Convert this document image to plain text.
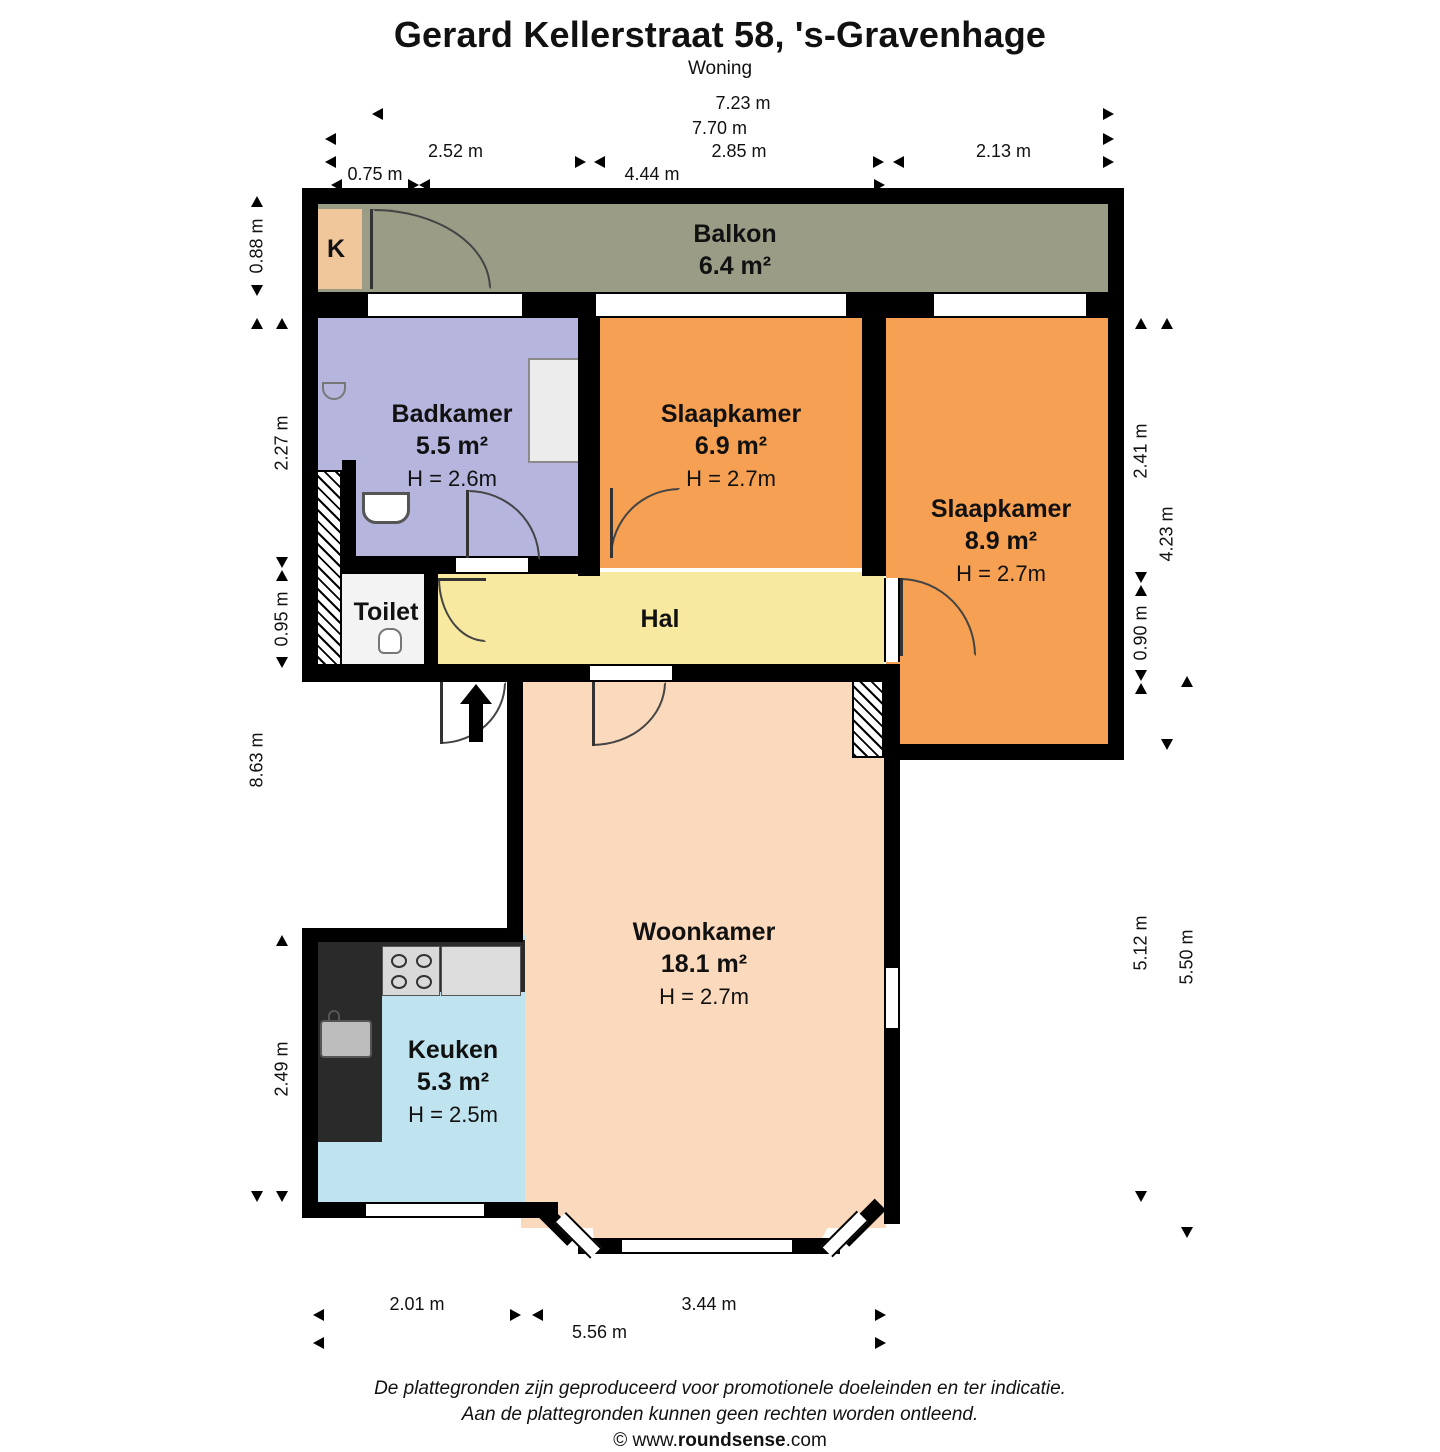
Gerard Kellerstraat 58, 's-Gravenhage
Woning
7.23 m
7.70 m
2.52 m	2.85 m	2.13 m
0.75 m	4.44 m
0.88 m
2.27 m
0.95 m
8.63 m
2.49 m
2.41 m
0.90 m
4.23 m
5.12 m 5.50 m
2.01 m	3.44 m
5.56 m
K
Balkon
6.4 m²
Badkamer
5.5 m²
H = 2.6m
Slaapkamer
6.9 m²
H = 2.7m
Slaapkamer
8.9 m²
H = 2.7m
Hal
Toilet
Woonkamer
18.1 m²
H = 2.7m
Keuken
5.3 m²
H = 2.5m
De plattegronden zijn geproduceerd voor promotionele doeleinden en ter indicatie.
Aan de plattegronden kunnen geen rechten worden ontleend.
© www.roundsense.com
